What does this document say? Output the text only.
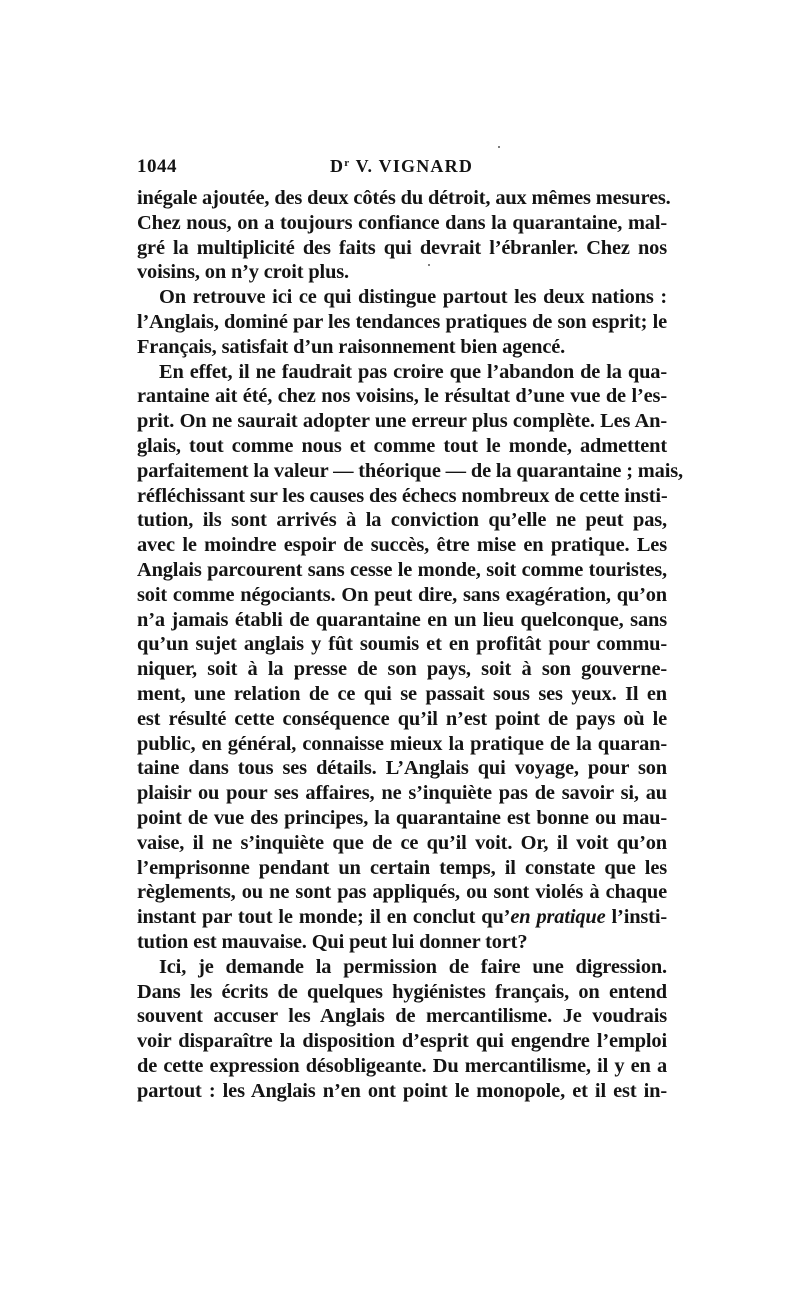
1044	$D^r$ V. VIGNARD
inégale ajoutée, des deux côtés du détroit, aux mêmes mesures.
Chez nous, on a toujours confiance dans la quarantaine, mal-
gré la multiplicité des faits qui devrait l’ébranler. Chez nos
voisins, on n’y croit plus.
On retrouve ici ce qui distingue partout les deux nations :
l’Anglais, dominé par les tendances pratiques de son esprit; le
Français, satisfait d’un raisonnement bien agencé.
En effet, il ne faudrait pas croire que l’abandon de la qua-
rantaine ait été, chez nos voisins, le résultat d’une vue de l’es-
prit. On ne saurait adopter une erreur plus complète. Les An-
glais, tout comme nous et comme tout le monde, admettent
parfaitement la valeur — théorique — de la quarantaine ; mais,
réfléchissant sur les causes des échecs nombreux de cette insti-
tution, ils sont arrivés à la conviction qu’elle ne peut pas,
avec le moindre espoir de succès, être mise en pratique. Les
Anglais parcourent sans cesse le monde, soit comme touristes,
soit comme négociants. On peut dire, sans exagération, qu’on
n’a jamais établi de quarantaine en un lieu quelconque, sans
qu’un sujet anglais y fût soumis et en profitât pour commu-
niquer, soit à la presse de son pays, soit à son gouverne-
ment, une relation de ce qui se passait sous ses yeux. Il en
est résulté cette conséquence qu’il n’est point de pays où le
public, en général, connaisse mieux la pratique de la quaran-
taine dans tous ses détails. L’Anglais qui voyage, pour son
plaisir ou pour ses affaires, ne s’inquiète pas de savoir si, au
point de vue des principes, la quarantaine est bonne ou mau-
vaise, il ne s’inquiète que de ce qu’il voit. Or, il voit qu’on
l’emprisonne pendant un certain temps, il constate que les
règlements, ou ne sont pas appliqués, ou sont violés à chaque
instant par tout le monde; il en conclut qu’en pratique l’insti-
tution est mauvaise. Qui peut lui donner tort?
Ici, je demande la permission de faire une digression.
Dans les écrits de quelques hygiénistes français, on entend
souvent accuser les Anglais de mercantilisme. Je voudrais
voir disparaître la disposition d’esprit qui engendre l’emploi
de cette expression désobligeante. Du mercantilisme, il y en a
partout : les Anglais n’en ont point le monopole, et il est in-
